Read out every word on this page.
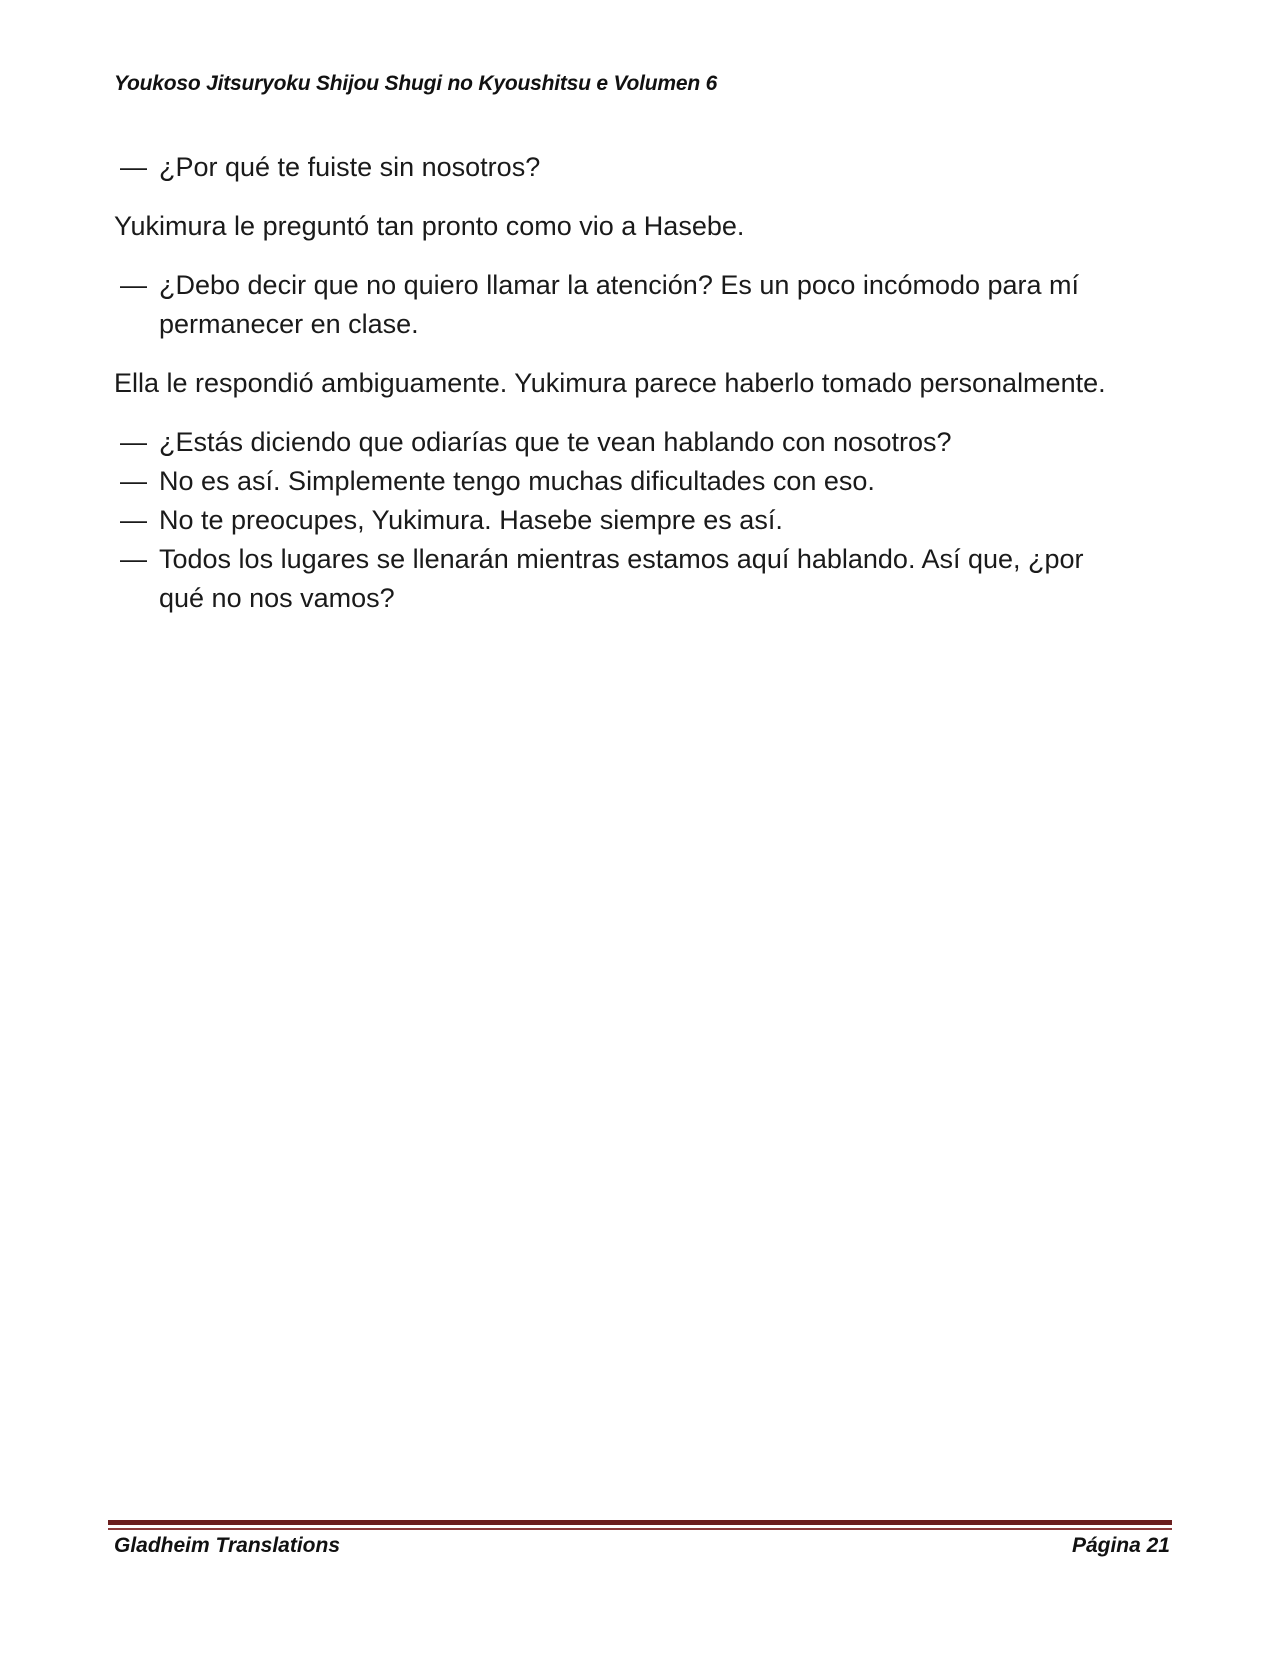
Youkoso Jitsuryoku Shijou Shugi no Kyoushitsu e Volumen 6

— ¿Por qué te fuiste sin nosotros?

Yukimura le preguntó tan pronto como vio a Hasebe.

— ¿Debo decir que no quiero llamar la atención? Es un poco incómodo para mí
permanecer en clase.

Ella le respondió ambiguamente. Yukimura parece haberlo tomado personalmente.

— ¿Estás diciendo que odiarías que te vean hablando con nosotros?

— No es así. Simplemente tengo muchas dificultades con eso.

— No te preocupes, Yukimura. Hasebe siempre es así.

— Todos los lugares se llenarán mientras estamos aquí hablando. Así que, ¿por
qué no nos vamos?

Gladheim Translations	Página 21
